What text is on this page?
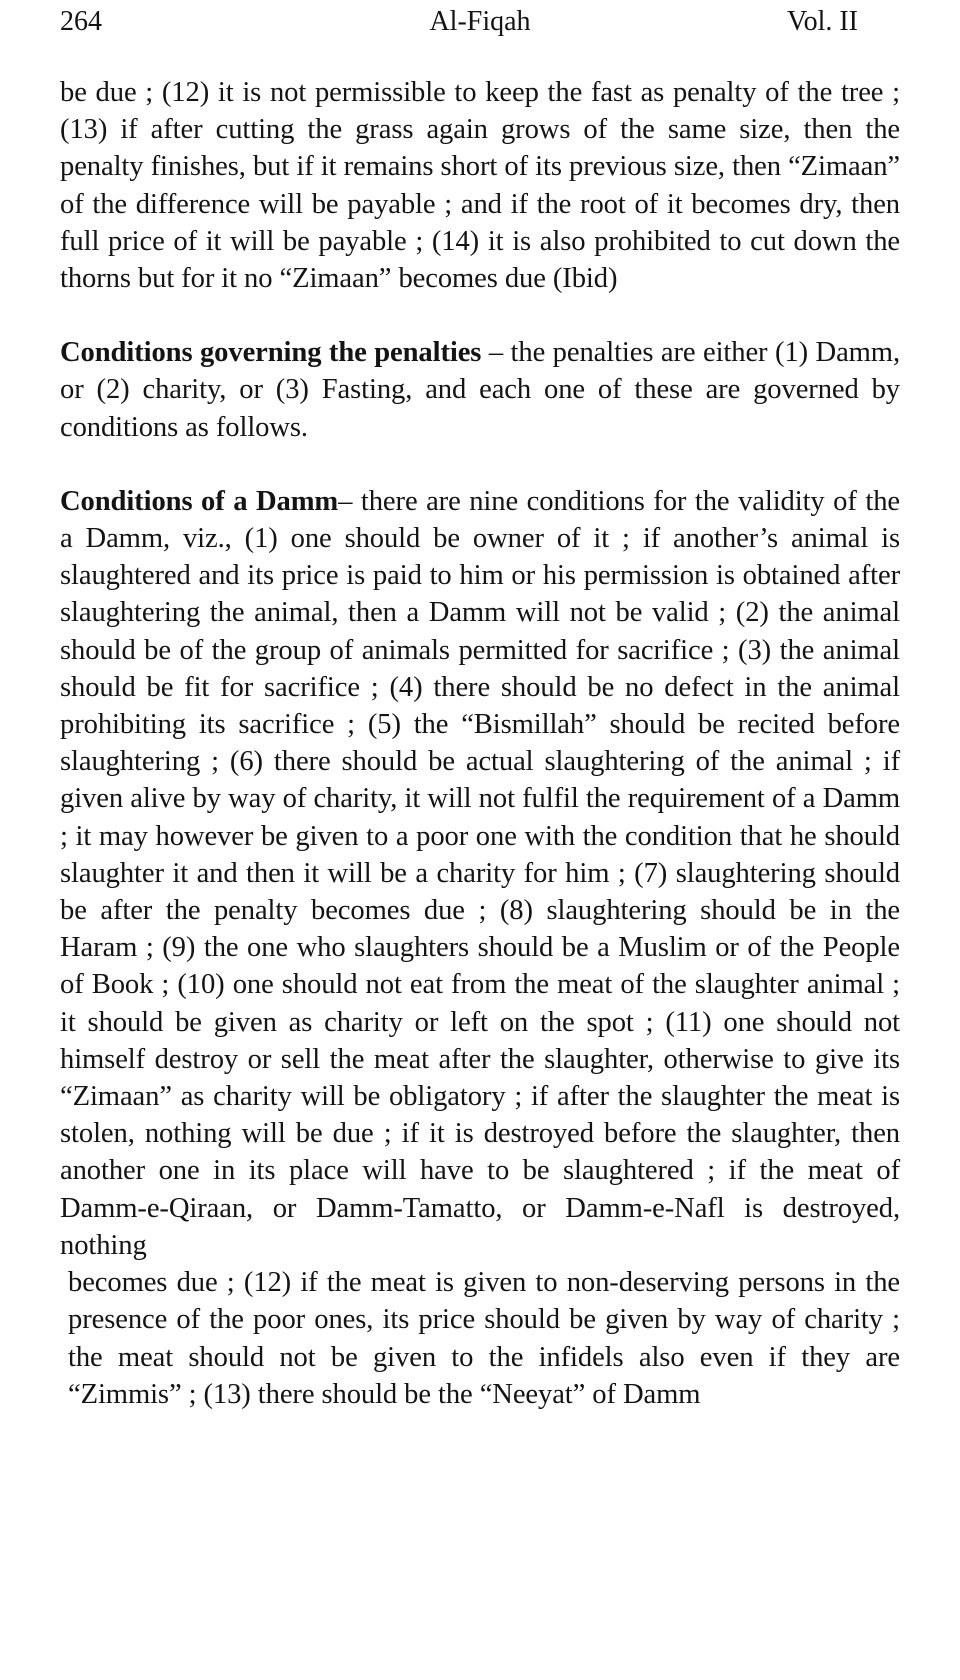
264	Al-Fiqah	Vol. II

be due ; (12) it is not permissible to keep the fast as penalty of the tree ; (13) if after cutting the grass again grows of the same size, then the penalty finishes, but if it remains short of its previous size, then “Zimaan” of the difference will be payable ; and if the root of it becomes dry, then full price of it will be payable ; (14) it is also prohibited to cut down the thorns but for it no “Zimaan” becomes due (Ibid)

Conditions governing the penalties – the penalties are either (1) Damm, or (2) charity, or (3) Fasting, and each one of these are governed by conditions as follows.

Conditions of a Damm– there are nine conditions for the validity of the a Damm, viz., (1) one should be owner of it ; if another’s animal is slaughtered and its price is paid to him or his permission is obtained after slaughtering the animal, then a Damm will not be valid ; (2) the animal should be of the group of animals permitted for sacrifice ; (3) the animal should be fit for sacrifice ; (4) there should be no defect in the animal prohibiting its sacrifice ; (5) the “Bismillah” should be recited before slaughtering ; (6) there should be actual slaughtering of the animal ; if given alive by way of charity, it will not fulfil the requirement of a Damm ; it may however be given to a poor one with the condition that he should slaughter it and then it will be a charity for him ; (7) slaughtering should be after the penalty becomes due ; (8) slaughtering should be in the Haram ; (9) the one who slaughters should be a Muslim or of the People of Book ; (10) one should not eat from the meat of the slaughter animal ; it should be given as charity or left on the spot ; (11) one should not himself destroy or sell the meat after the slaughter, otherwise to give its “Zimaan” as charity will be obligatory ; if after the slaughter the meat is stolen, nothing will be due ; if it is destroyed before the slaughter, then another one in its place will have to be slaughtered ; if the meat of Damm-e-Qiraan, or Damm-Tamatto, or Damm-e-Nafl is destroyed, nothing

becomes due ; (12) if the meat is given to non-deserving persons in the presence of the poor ones, its price should be given by way of charity ; the meat should not be given to the infidels also even if they are “Zimmis” ; (13) there should be the “Neeyat” of Damm
